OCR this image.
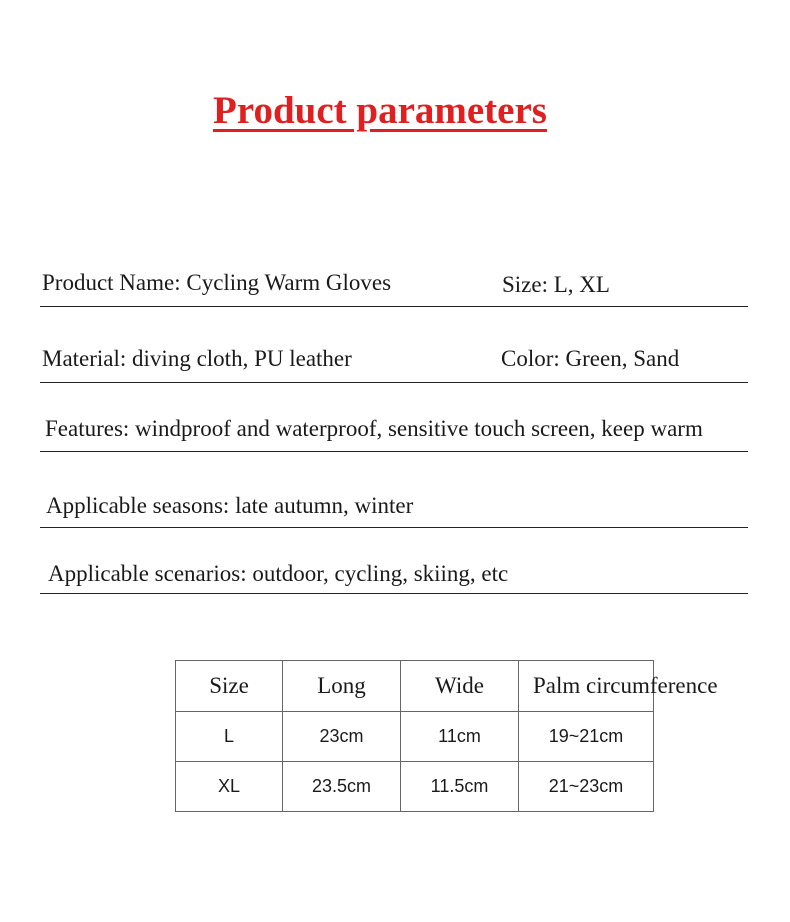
Product parameters

Product Name: Cycling Warm Gloves	Size: L, XL

Material: diving cloth, PU leather	Color: Green, Sand

Features: windproof and waterproof, sensitive touch screen, keep warm

Applicable seasons: late autumn, winter

Applicable scenarios: outdoor, cycling, skiing, etc

Size	Long	Wide	Palm circumference

L	23cm	11cm	19~21cm
XL	23.5cm	11.5cm	21~23cm
